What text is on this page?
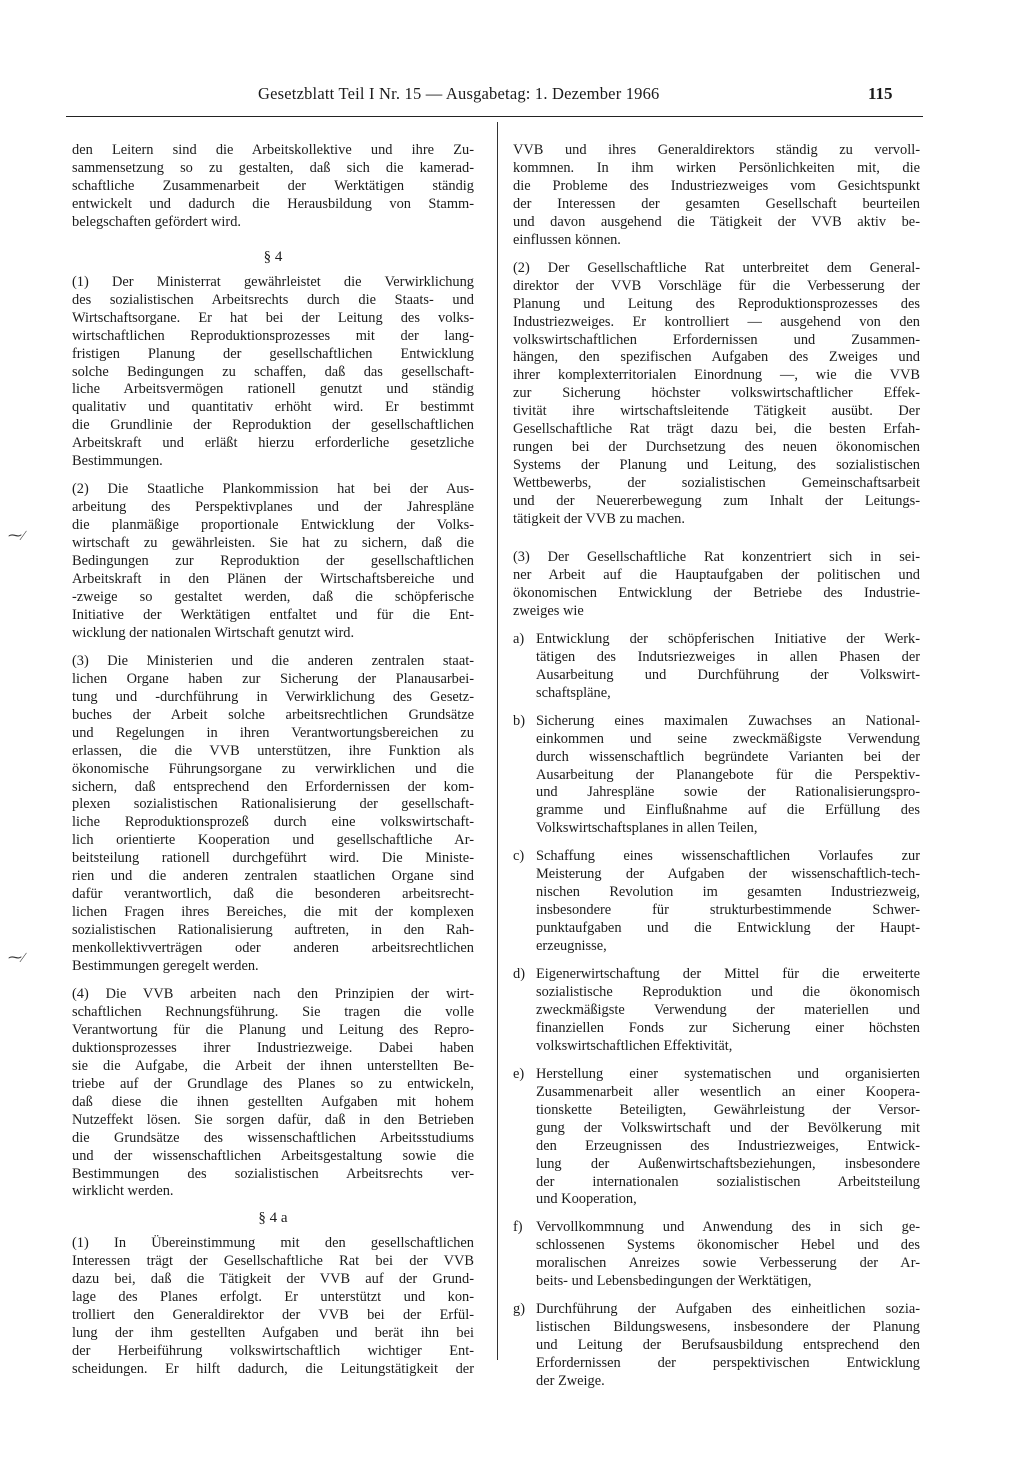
Gesetzblatt Teil I Nr. 15 — Ausgabetag: 1. Dezember 1966	115
⁓∕
⁓∕
den Leitern sind die Arbeitskollektive und ihre Zu-
sammensetzung so zu gestalten, daß sich die kamerad-
schaftliche Zusammenarbeit der Werktätigen ständig
entwickelt und dadurch die Herausbildung von Stamm-
belegschaften gefördert wird.
§ 4
(1) Der Ministerrat gewährleistet die Verwirklichung
des sozialistischen Arbeitsrechts durch die Staats- und
Wirtschaftsorgane. Er hat bei der Leitung des volks-
wirtschaftlichen Reproduktionsprozesses mit der lang-
fristigen Planung der gesellschaftlichen Entwicklung
solche Bedingungen zu schaffen, daß das gesellschaft-
liche Arbeitsvermögen rationell genutzt und ständig
qualitativ und quantitativ erhöht wird. Er bestimmt
die Grundlinie der Reproduktion der gesellschaftlichen
Arbeitskraft und erläßt hierzu erforderliche gesetzliche
Bestimmungen.
(2) Die Staatliche Plankommission hat bei der Aus-
arbeitung des Perspektivplanes und der Jahrespläne
die planmäßige proportionale Entwicklung der Volks-
wirtschaft zu gewährleisten. Sie hat zu sichern, daß die
Bedingungen zur Reproduktion der gesellschaftlichen
Arbeitskraft in den Plänen der Wirtschaftsbereiche und
-zweige so gestaltet werden, daß die schöpferische
Initiative der Werktätigen entfaltet und für die Ent-
wicklung der nationalen Wirtschaft genutzt wird.
(3) Die Ministerien und die anderen zentralen staat-
lichen Organe haben zur Sicherung der Planausarbei-
tung und -durchführung in Verwirklichung des Gesetz-
buches der Arbeit solche arbeitsrechtlichen Grundsätze
und Regelungen in ihren Verantwortungsbereichen zu
erlassen, die die VVB unterstützen, ihre Funktion als
ökonomische Führungsorgane zu verwirklichen und die
sichern, daß entsprechend den Erfordernissen der kom-
plexen sozialistischen Rationalisierung der gesellschaft-
liche Reproduktionsprozeß durch eine volkswirtschaft-
lich orientierte Kooperation und gesellschaftliche Ar-
beitsteilung rationell durchgeführt wird. Die Ministe-
rien und die anderen zentralen staatlichen Organe sind
dafür verantwortlich, daß die besonderen arbeitsrecht-
lichen Fragen ihres Bereiches, die mit der komplexen
sozialistischen Rationalisierung auftreten, in den Rah-
menkollektivverträgen oder anderen arbeitsrechtlichen
Bestimmungen geregelt werden.
(4) Die VVB arbeiten nach den Prinzipien der wirt-
schaftlichen Rechnungsführung. Sie tragen die volle
Verantwortung für die Planung und Leitung des Repro-
duktionsprozesses ihrer Industriezweige. Dabei haben
sie die Aufgabe, die Arbeit der ihnen unterstellten Be-
triebe auf der Grundlage des Planes so zu entwickeln,
daß diese die ihnen gestellten Aufgaben mit hohem
Nutzeffekt lösen. Sie sorgen dafür, daß in den Betrieben
die Grundsätze des wissenschaftlichen Arbeitsstudiums
und der wissenschaftlichen Arbeitsgestaltung sowie die
Bestimmungen des sozialistischen Arbeitsrechts ver-
wirklicht werden.
§ 4 a
(1) In Übereinstimmung mit den gesellschaftlichen
Interessen trägt der Gesellschaftliche Rat bei der VVB
dazu bei, daß die Tätigkeit der VVB auf der Grund-
lage des Planes erfolgt. Er unterstützt und kon-
trolliert den Generaldirektor der VVB bei der Erfül-
lung der ihm gestellten Aufgaben und berät ihn bei
der Herbeiführung volkswirtschaftlich wichtiger Ent-
scheidungen. Er hilft dadurch, die Leitungstätigkeit der
VVB und ihres Generaldirektors ständig zu vervoll-
kommnen. In ihm wirken Persönlichkeiten mit, die
die Probleme des Industriezweiges vom Gesichtspunkt
der Interessen der gesamten Gesellschaft beurteilen
und davon ausgehend die Tätigkeit der VVB aktiv be-
einflussen können.
(2) Der Gesellschaftliche Rat unterbreitet dem General-
direktor der VVB Vorschläge für die Verbesserung der
Planung und Leitung des Reproduktionsprozesses des
Industriezweiges. Er kontrolliert — ausgehend von den
volkswirtschaftlichen Erfordernissen und Zusammen-
hängen, den spezifischen Aufgaben des Zweiges und
ihrer komplexterritorialen Einordnung —, wie die VVB
zur Sicherung höchster volkswirtschaftlicher Effek-
tivität ihre wirtschaftsleitende Tätigkeit ausübt. Der
Gesellschaftliche Rat trägt dazu bei, die besten Erfah-
rungen bei der Durchsetzung des neuen ökonomischen
Systems der Planung und Leitung, des sozialistischen
Wettbewerbs, der sozialistischen Gemeinschaftsarbeit
und der Neuererbewegung zum Inhalt der Leitungs-
tätigkeit der VVB zu machen.
(3) Der Gesellschaftliche Rat konzentriert sich in sei-
ner Arbeit auf die Hauptaufgaben der politischen und
ökonomischen Entwicklung der Betriebe des Industrie-
zweiges wie
a) Entwicklung der schöpferischen Initiative der Werk-
tätigen des Indutsriezweiges in allen Phasen der
Ausarbeitung und Durchführung der Volkswirt-
schaftspläne,
b) Sicherung eines maximalen Zuwachses an National-
einkommen und seine zweckmäßigste Verwendung
durch wissenschaftlich begründete Varianten bei der
Ausarbeitung der Planangebote für die Perspektiv-
und Jahrespläne sowie der Rationalisierungspro-
gramme und Einflußnahme auf die Erfüllung des
Volkswirtschaftsplanes in allen Teilen,
c) Schaffung eines wissenschaftlichen Vorlaufes zur
Meisterung der Aufgaben der wissenschaftlich-tech-
nischen Revolution im gesamten Industriezweig,
insbesondere für strukturbestimmende Schwer-
punktaufgaben und die Entwicklung der Haupt-
erzeugnisse,
d) Eigenerwirtschaftung der Mittel für die erweiterte
sozialistische Reproduktion und die ökonomisch
zweckmäßigste Verwendung der materiellen und
finanziellen Fonds zur Sicherung einer höchsten
volkswirtschaftlichen Effektivität,
e) Herstellung einer systematischen und organisierten
Zusammenarbeit aller wesentlich an einer Koopera-
tionskette Beteiligten, Gewährleistung der Versor-
gung der Volkswirtschaft und der Bevölkerung mit
den Erzeugnissen des Industriezweiges, Entwick-
lung der Außenwirtschaftsbeziehungen, insbesondere
der internationalen sozialistischen Arbeitsteilung
und Kooperation,
f) Vervollkommnung und Anwendung des in sich ge-
schlossenen Systems ökonomischer Hebel und des
moralischen Anreizes sowie Verbesserung der Ar-
beits- und Lebensbedingungen der Werktätigen,
g) Durchführung der Aufgaben des einheitlichen sozia-
listischen Bildungswesens, insbesondere der Planung
und Leitung der Berufsausbildung entsprechend den
Erfordernissen der perspektivischen Entwicklung
der Zweige.
